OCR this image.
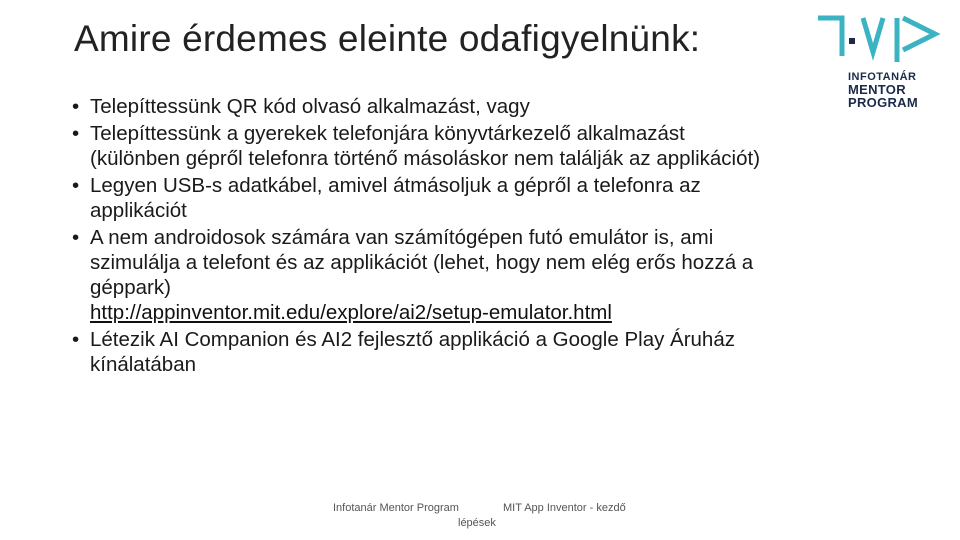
Amire érdemes eleinte odafigyelnünk:
INFOTANÁR
MENTOR
PROGRAM
• Telepíttessünk QR kód olvasó alkalmazást, vagy
• Telepíttessünk a gyerekek telefonjára könyvtárkezelő alkalmazást
(különben gépről telefonra történő másoláskor nem találják az applikációt)
• Legyen USB-s adatkábel, amivel átmásoljuk a gépről a telefonra az
applikációt
• A nem androidosok számára van számítógépen futó emulátor is, ami
szimulálja a telefont és az applikációt (lehet, hogy nem elég erős hozzá a
géppark)
http://appinventor.mit.edu/explore/ai2/setup-emulator.html
• Létezik AI Companion és AI2 fejlesztő applikáció a Google Play Áruház
kínálatában
Infotanár Mentor Program	MIT App Inventor - kezdő
lépések
